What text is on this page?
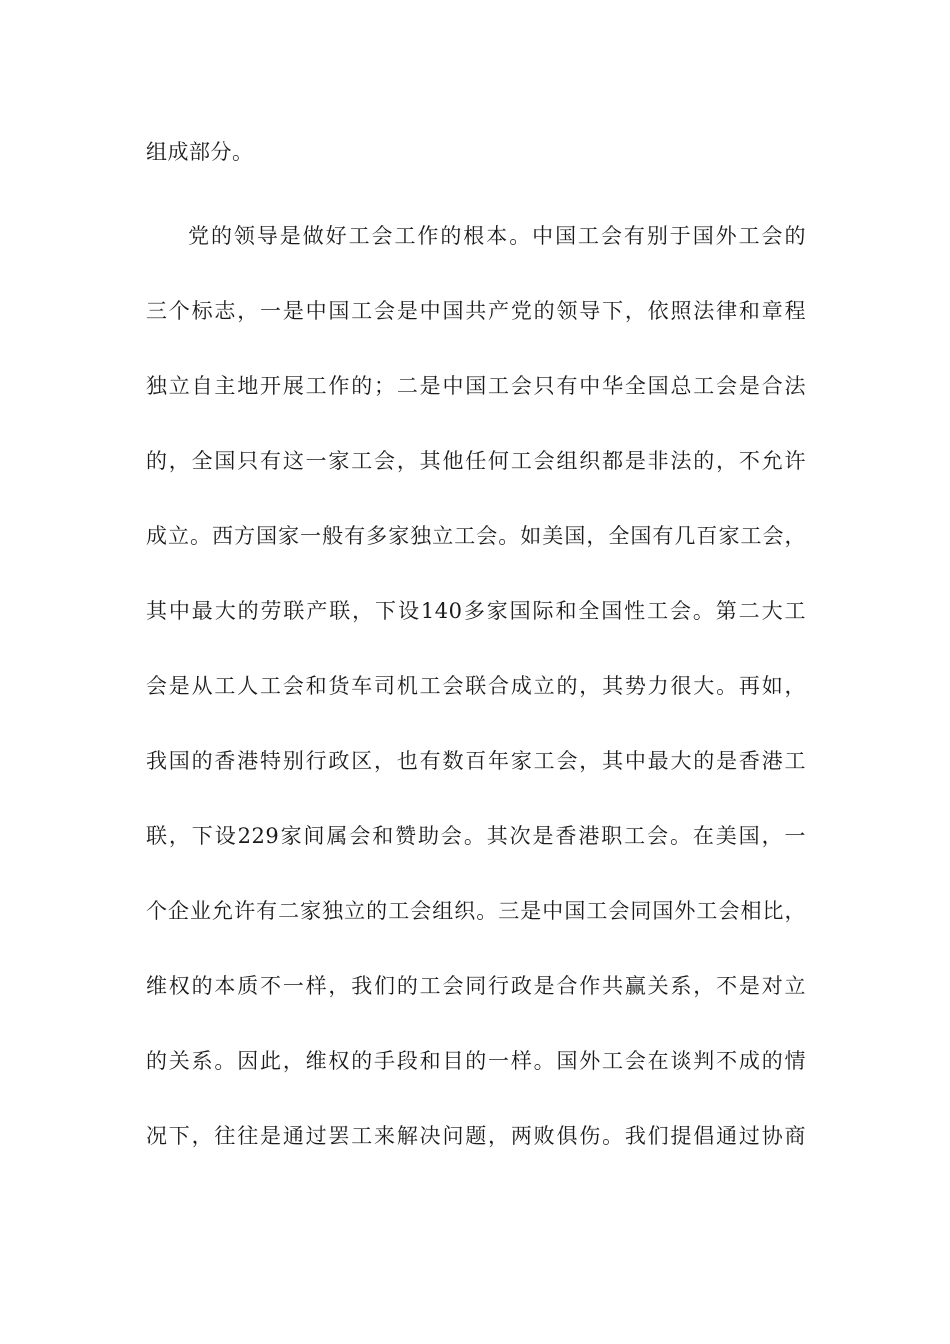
组成部分。
党的领导是做好工会工作的根本。中国工会有别于国外工会的
三个标志，一是中国工会是中国共产党的领导下，依照法律和章程
独立自主地开展工作的；二是中国工会只有中华全国总工会是合法
的，全国只有这一家工会，其他任何工会组织都是非法的，不允许
成立。西方国家一般有多家独立工会。如美国，全国有几百家工会，
其中最大的劳联产联，下设140多家国际和全国性工会。第二大工
会是从工人工会和货车司机工会联合成立的，其势力很大。再如，
我国的香港特别行政区，也有数百年家工会，其中最大的是香港工
联，下设229家间属会和赞助会。其次是香港职工会。在美国，一
个企业允许有二家独立的工会组织。三是中国工会同国外工会相比，
维权的本质不一样，我们的工会同行政是合作共赢关系，不是对立
的关系。因此，维权的手段和目的一样。国外工会在谈判不成的情
况下，往往是通过罢工来解决问题，两败俱伤。我们提倡通过协商
